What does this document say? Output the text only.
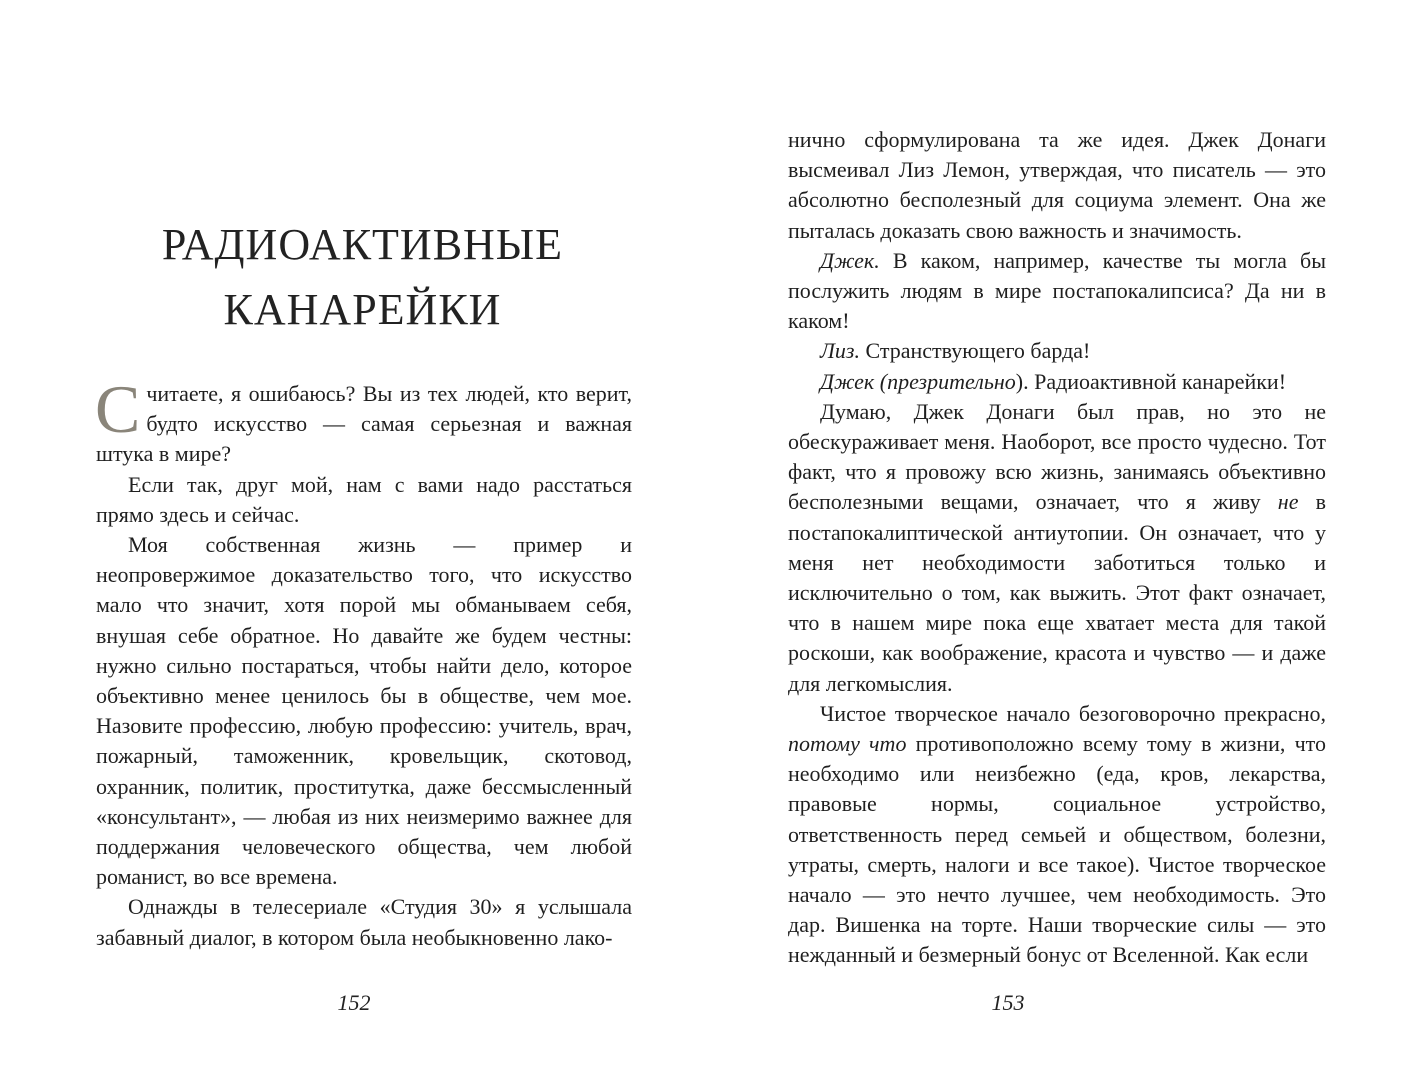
РАДИОАКТИВНЫЕ
КАНАРЕЙКИ

Считаете, я ошибаюсь? Вы из тех людей, кто верит, будто искусство — самая серьезная и важная штука в мире?

Если так, друг мой, нам с вами надо расстаться прямо здесь и сейчас.

Моя собственная жизнь — пример и неопровержимое доказательство того, что искусство мало что значит, хотя порой мы обманываем себя, внушая себе обратное. Но давайте же будем честны: нужно сильно постараться, чтобы найти дело, которое объективно менее ценилось бы в обществе, чем мое. Назовите профессию, любую профессию: учитель, врач, пожарный, таможенник, кровельщик, скотовод, охранник, политик, проститутка, даже бессмысленный «консультант», — любая из них неизмеримо важнее для поддержания человеческого общества, чем любой романист, во все времена.

Однажды в телесериале «Студия 30» я услышала забавный диалог, в котором была необыкновенно лако-

152

нично сформулирована та же идея. Джек Донаги высмеивал Лиз Лемон, утверждая, что писатель — это абсолютно бесполезный для социума элемент. Она же пыталась доказать свою важность и значимость.

Джек. В каком, например, качестве ты могла бы послужить людям в мире постапокалипсиса? Да ни в каком!

Лиз. Странствующего барда!

Джек (презрительно). Радиоактивной канарейки!

Думаю, Джек Донаги был прав, но это не обескураживает меня. Наоборот, все просто чудесно. Тот факт, что я провожу всю жизнь, занимаясь объективно бесполезными вещами, означает, что я живу не в постапокалиптической антиутопии. Он означает, что у меня нет необходимости заботиться только и исключительно о том, как выжить. Этот факт означает, что в нашем мире пока еще хватает места для такой роскоши, как воображение, красота и чувство — и даже для легкомыслия.

Чистое творческое начало безоговорочно прекрасно, потому что противоположно всему тому в жизни, что необходимо или неизбежно (еда, кров, лекарства, правовые нормы, социальное устройство, ответственность перед семьей и обществом, болезни, утраты, смерть, налоги и все такое). Чистое творческое начало — это нечто лучшее, чем необходимость. Это дар. Вишенка на торте. Наши творческие силы — это нежданный и безмерный бонус от Вселенной. Как если

153
